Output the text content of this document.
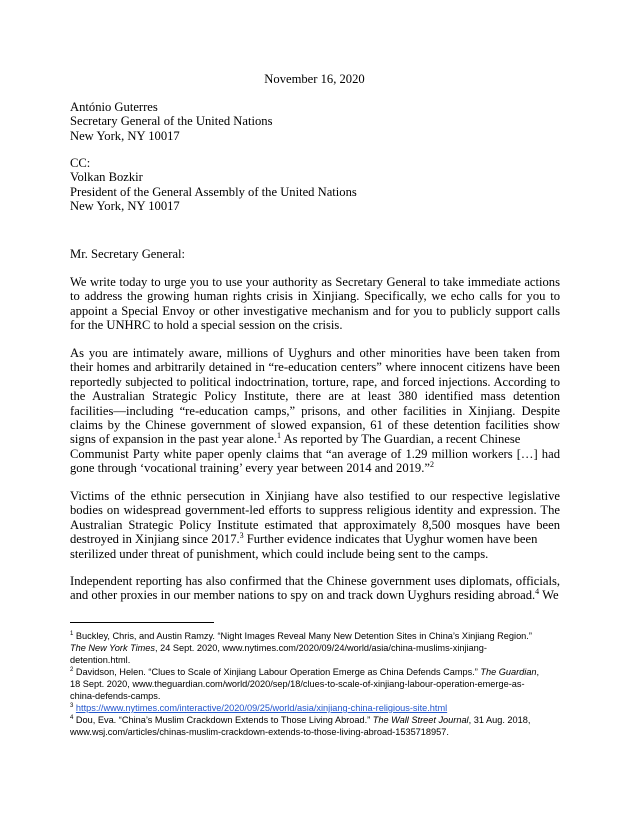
November 16, 2020
António Guterres
Secretary General of the United Nations
New York, NY 10017
CC:
Volkan Bozkir
President of the General Assembly of the United Nations
New York, NY 10017
Mr. Secretary General:
We write today to urge you to use your authority as Secretary General to take immediate actions
to address the growing human rights crisis in Xinjiang. Specifically, we echo calls for you to
appoint a Special Envoy or other investigative mechanism and for you to publicly support calls
for the UNHRC to hold a special session on the crisis.
As you are intimately aware, millions of Uyghurs and other minorities have been taken from
their homes and arbitrarily detained in “re-education centers” where innocent citizens have been
reportedly subjected to political indoctrination, torture, rape, and forced injections. According to
the Australian Strategic Policy Institute, there are at least 380 identified mass detention
facilities—including “re-education camps,” prisons, and other facilities in Xinjiang. Despite
claims by the Chinese government of slowed expansion, 61 of these detention facilities show
signs of expansion in the past year alone.$^1$ As reported by The Guardian, a recent Chinese
Communist Party white paper openly claims that “an average of 1.29 million workers […] had
gone through ‘vocational training’ every year between 2014 and 2019.”$^2$
Victims of the ethnic persecution in Xinjiang have also testified to our respective legislative
bodies on widespread government-led efforts to suppress religious identity and expression. The
Australian Strategic Policy Institute estimated that approximately 8,500 mosques have been
destroyed in Xinjiang since 2017.$^3$ Further evidence indicates that Uyghur women have been
sterilized under threat of punishment, which could include being sent to the camps.
Independent reporting has also confirmed that the Chinese government uses diplomats, officials,
and other proxies in our member nations to spy on and track down Uyghurs residing abroad.$^4$ We

$^1$ Buckley, Chris, and Austin Ramzy. “Night Images Reveal Many New Detention Sites in China’s Xinjiang Region.”
The New York Times, 24 Sept. 2020, www.nytimes.com/2020/09/24/world/asia/china-muslims-xinjiang-
detention.html.

$^2$ Davidson, Helen. “Clues to Scale of Xinjiang Labour Operation Emerge as China Defends Camps.” The Guardian,
18 Sept. 2020, www.theguardian.com/world/2020/sep/18/clues-to-scale-of-xinjiang-labour-operation-emerge-as-
china-defends-camps.

$^3$ https://www.nytimes.com/interactive/2020/09/25/world/asia/xinjiang-china-religious-site.html

$^4$ Dou, Eva. “China’s Muslim Crackdown Extends to Those Living Abroad.” The Wall Street Journal, 31 Aug. 2018,
www.wsj.com/articles/chinas-muslim-crackdown-extends-to-those-living-abroad-1535718957.
